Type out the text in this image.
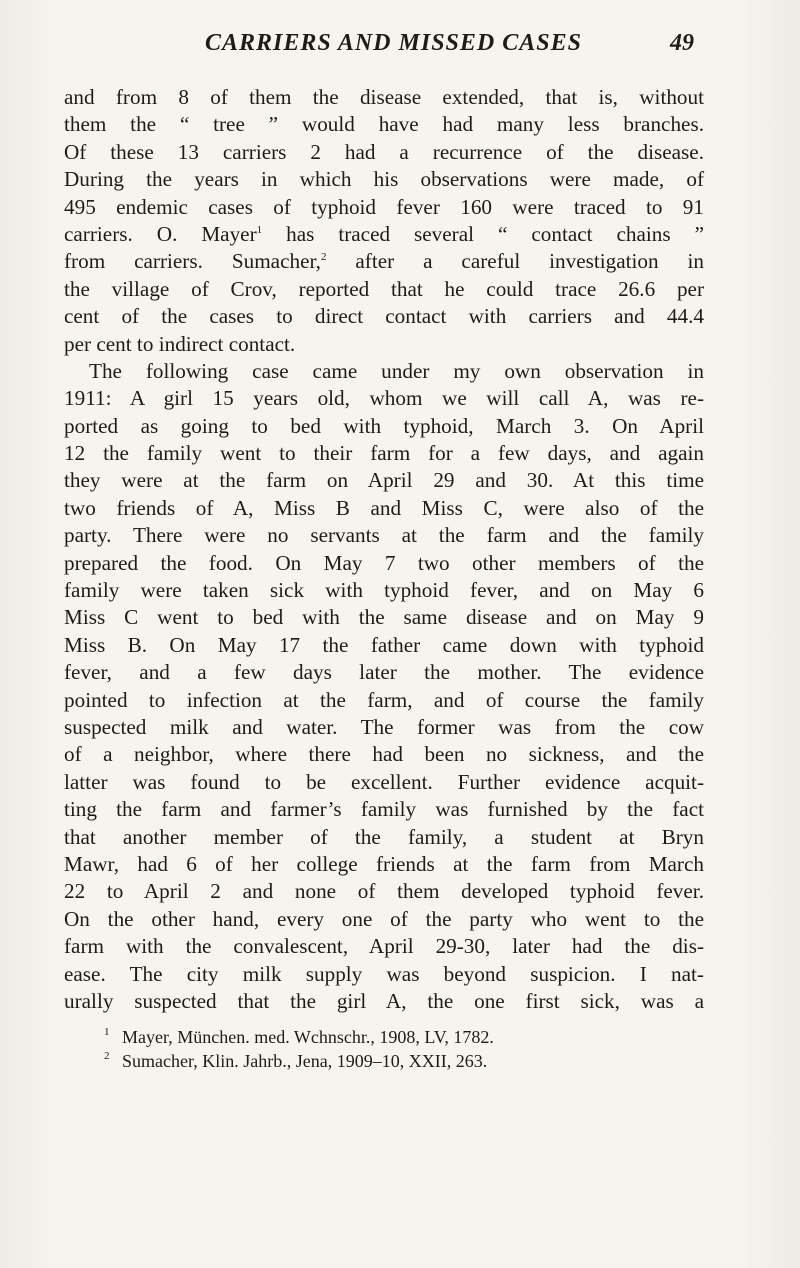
CARRIERS AND MISSED CASES	49
and from 8 of them the disease extended, that is, without
them the “ tree ” would have had many less branches.
Of these 13 carriers 2 had a recurrence of the disease.
During the years in which his observations were made, of
495 endemic cases of typhoid fever 160 were traced to 91
carriers. O. Mayer$^1$ has traced several “ contact chains ”
from carriers. Sumacher,$^2$ after a careful investigation in
the village of Crov, reported that he could trace 26.6 per
cent of the cases to direct contact with carriers and 44.4
per cent to indirect contact.
The following case came under my own observation in
1911: A girl 15 years old, whom we will call A, was re-
ported as going to bed with typhoid, March 3. On April
12 the family went to their farm for a few days, and again
they were at the farm on April 29 and 30. At this time
two friends of A, Miss B and Miss C, were also of the
party. There were no servants at the farm and the family
prepared the food. On May 7 two other members of the
family were taken sick with typhoid fever, and on May 6
Miss C went to bed with the same disease and on May 9
Miss B. On May 17 the father came down with typhoid
fever, and a few days later the mother. The evidence
pointed to infection at the farm, and of course the family
suspected milk and water. The former was from the cow
of a neighbor, where there had been no sickness, and the
latter was found to be excellent. Further evidence acquit-
ting the farm and farmer’s family was furnished by the fact
that another member of the family, a student at Bryn
Mawr, had 6 of her college friends at the farm from March
22 to April 2 and none of them developed typhoid fever.
On the other hand, every one of the party who went to the
farm with the convalescent, April 29-30, later had the dis-
ease. The city milk supply was beyond suspicion. I nat-
urally suspected that the girl A, the one first sick, was a
$^1$ Mayer, München. med. Wchnschr., 1908, LV, 1782.
$^2$ Sumacher, Klin. Jahrb., Jena, 1909–10, XXII, 263.
